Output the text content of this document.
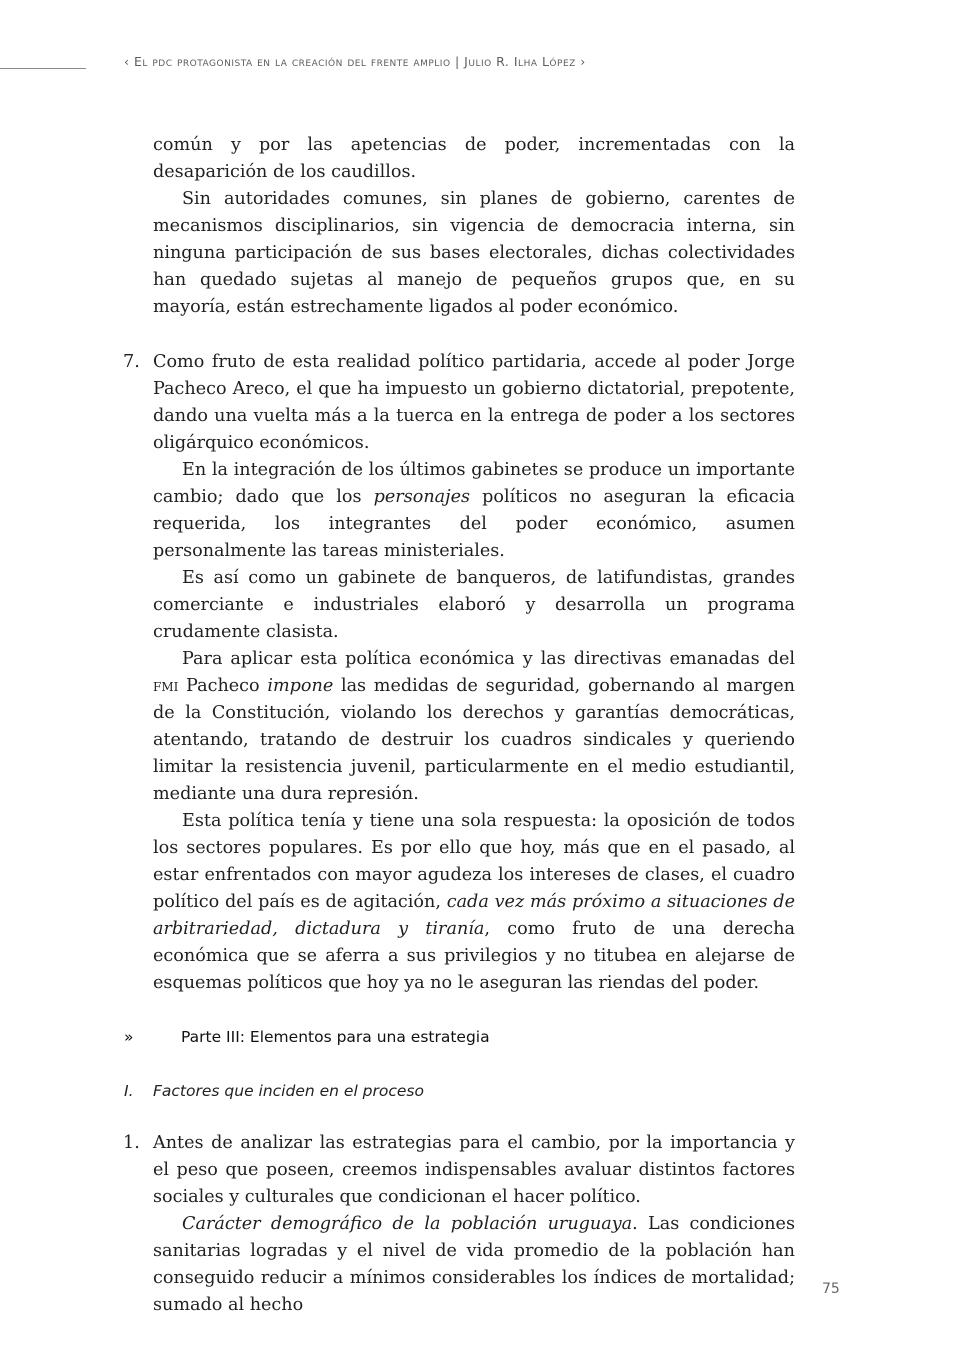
‹ El pdc protagonista en la creación del frente amplio | Julio R. Ilha López ›

común y por las apetencias de poder, incrementadas con la desaparición de los caudillos.

Sin autoridades comunes, sin planes de gobierno, carentes de mecanismos disciplinarios, sin vigencia de democracia interna, sin ninguna participación de sus bases electorales, dichas colectividades han quedado sujetas al manejo de pequeños grupos que, en su mayoría, están estrechamente ligados al poder económico.

7. Como fruto de esta realidad político partidaria, accede al poder Jorge Pacheco Areco, el que ha impuesto un gobierno dictatorial, prepotente, dando una vuelta más a la tuerca en la entrega de poder a los sectores oligárquico económicos.

En la integración de los últimos gabinetes se produce un importante cambio; dado que los personajes políticos no aseguran la eficacia requerida, los integrantes del poder económico, asumen personalmente las tareas ministeriales.

Es así como un gabinete de banqueros, de latifundistas, grandes comerciante e industriales elaboró y desarrolla un programa crudamente clasista.

Para aplicar esta política económica y las directivas emanadas del fmi Pacheco impone las medidas de seguridad, gobernando al margen de la Constitución, violando los derechos y garantías democráticas, atentando, tratando de destruir los cuadros sindicales y queriendo limitar la resistencia juvenil, particularmente en el medio estudiantil, mediante una dura represión.

Esta política tenía y tiene una sola respuesta: la oposición de todos los sectores populares. Es por ello que hoy, más que en el pasado, al estar enfrentados con mayor agudeza los intereses de clases, el cuadro político del país es de agitación, cada vez más próximo a situaciones de arbitrariedad, dictadura y tiranía, como fruto de una derecha económica que se aferra a sus privilegios y no titubea en alejarse de esquemas políticos que hoy ya no le aseguran las riendas del poder.

»	Parte III: Elementos para una estrategia
I. Factores que inciden en el proceso
1. Antes de analizar las estrategias para el cambio, por la importancia y el peso que poseen, creemos indispensables avaluar distintos factores sociales y culturales que condicionan el hacer político.

Carácter demográfico de la población uruguaya. Las condiciones sanitarias logradas y el nivel de vida promedio de la población han conseguido reducir a mínimos considerables los índices de mortalidad; sumado al hecho

75
